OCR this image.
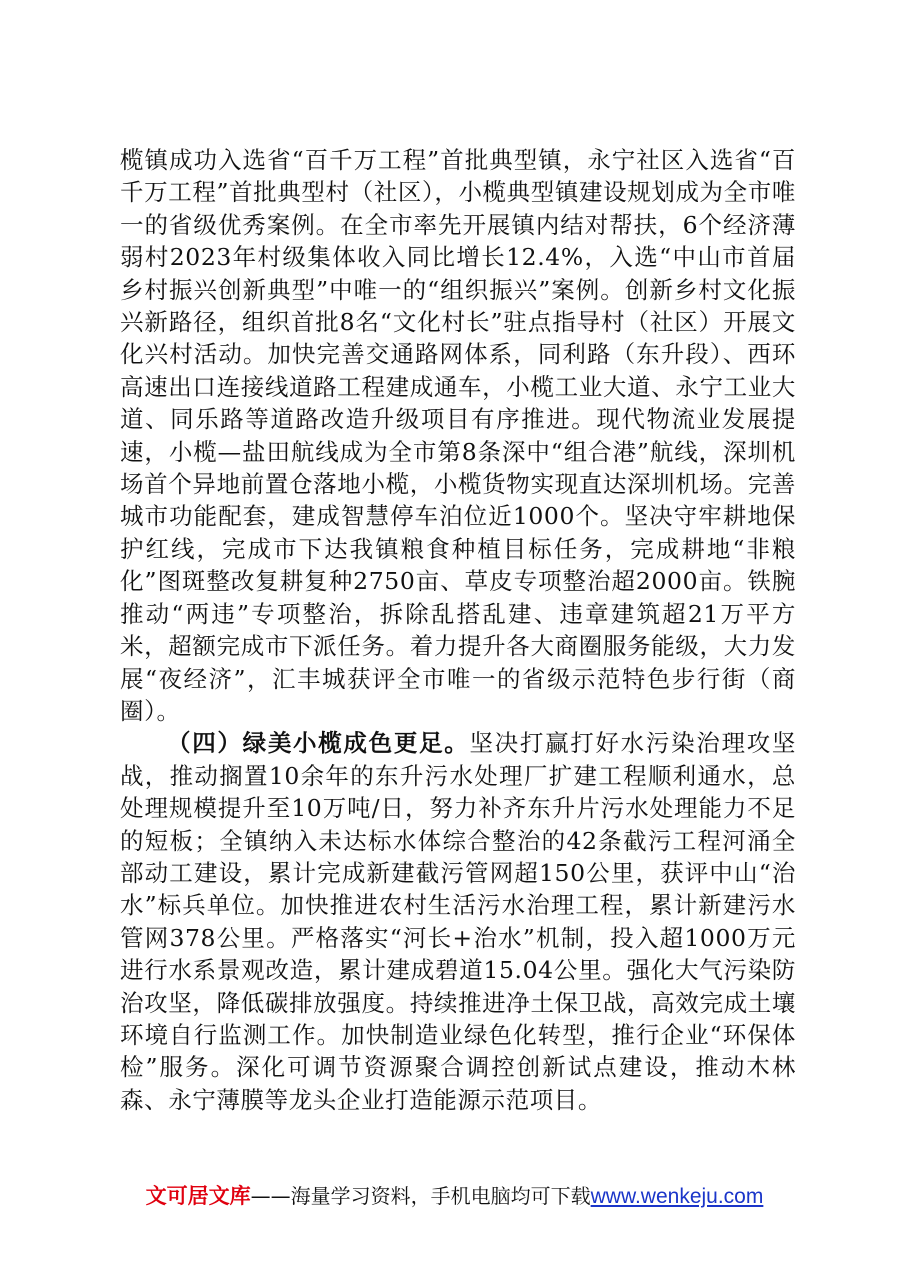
榄镇成功入选省“百千万工程”首批典型镇，永宁社区入选省“百千万工程”首批典型村（社区），小榄典型镇建设规划成为全市唯一的省级优秀案例。在全市率先开展镇内结对帮扶，6个经济薄弱村2023年村级集体收入同比增长12.4%，入选“中山市首届乡村振兴创新典型”中唯一的“组织振兴”案例。创新乡村文化振兴新路径，组织首批8名“文化村长”驻点指导村（社区）开展文化兴村活动。加快完善交通路网体系，同利路（东升段）、西环高速出口连接线道路工程建成通车，小榄工业大道、永宁工业大道、同乐路等道路改造升级项目有序推进。现代物流业发展提速，小榄—盐田航线成为全市第8条深中“组合港”航线，深圳机场首个异地前置仓落地小榄，小榄货物实现直达深圳机场。完善城市功能配套，建成智慧停车泊位近1000个。坚决守牢耕地保护红线，完成市下达我镇粮食种植目标任务，完成耕地“非粮化”图斑整改复耕复种2750亩、草皮专项整治超2000亩。铁腕推动“两违”专项整治，拆除乱搭乱建、违章建筑超21万平方米，超额完成市下派任务。着力提升各大商圈服务能级，大力发展“夜经济”，汇丰城获评全市唯一的省级示范特色步行街（商圈）。

（四）绿美小榄成色更足。坚决打赢打好水污染治理攻坚战，推动搁置10余年的东升污水处理厂扩建工程顺利通水，总处理规模提升至10万吨/日，努力补齐东升片污水处理能力不足的短板；全镇纳入未达标水体综合整治的42条截污工程河涌全部动工建设，累计完成新建截污管网超150公里，获评中山“治水”标兵单位。加快推进农村生活污水治理工程，累计新建污水管网378公里。严格落实“河长+治水”机制，投入超1000万元进行水系景观改造，累计建成碧道15.04公里。强化大气污染防治攻坚，降低碳排放强度。持续推进净土保卫战，高效完成土壤环境自行监测工作。加快制造业绿色化转型，推行企业“环保体检”服务。深化可调节资源聚合调控创新试点建设，推动木林森、永宁薄膜等龙头企业打造能源示范项目。

文可居文库——海量学习资料，手机电脑均可下载www.wenkeju.com
